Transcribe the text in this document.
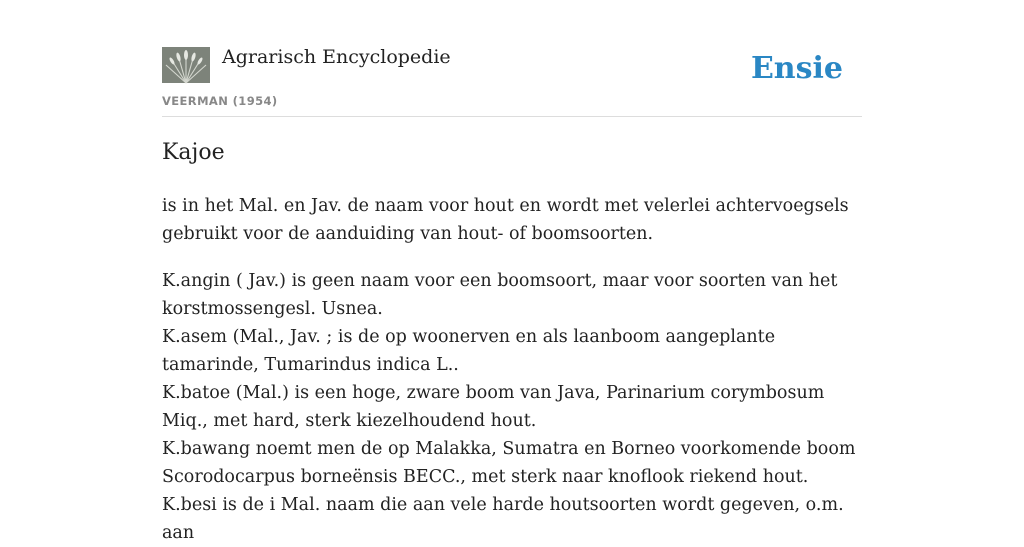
Agrarisch Encyclopedie
VEERMAN (1954)
Ensie
Kajoe

is in het Mal. en Jav. de naam voor hout en wordt met velerlei achtervoegsels gebruikt voor de aanduiding van hout- of boomsoorten.

K.angin ( Jav.) is geen naam voor een boomsoort, maar voor soorten van het korstmossengesl. Usnea.
K.asem (Mal., Jav. ; is de op woonerven en als laanboom aangeplante tamarinde, Tumarindus indica L..
K.batoe (Mal.) is een hoge, zware boom van Java, Parinarium corymbosum Miq., met hard, sterk kiezelhoudend hout.
K.bawang noemt men de op Malakka, Sumatra en Borneo voorkomende boom Scorodocarpus borneënsis BECC., met sterk naar knoflook riekend hout.
K.besi is de i Mal. naam die aan vele harde houtsoorten wordt gegeven, o.m. aan
